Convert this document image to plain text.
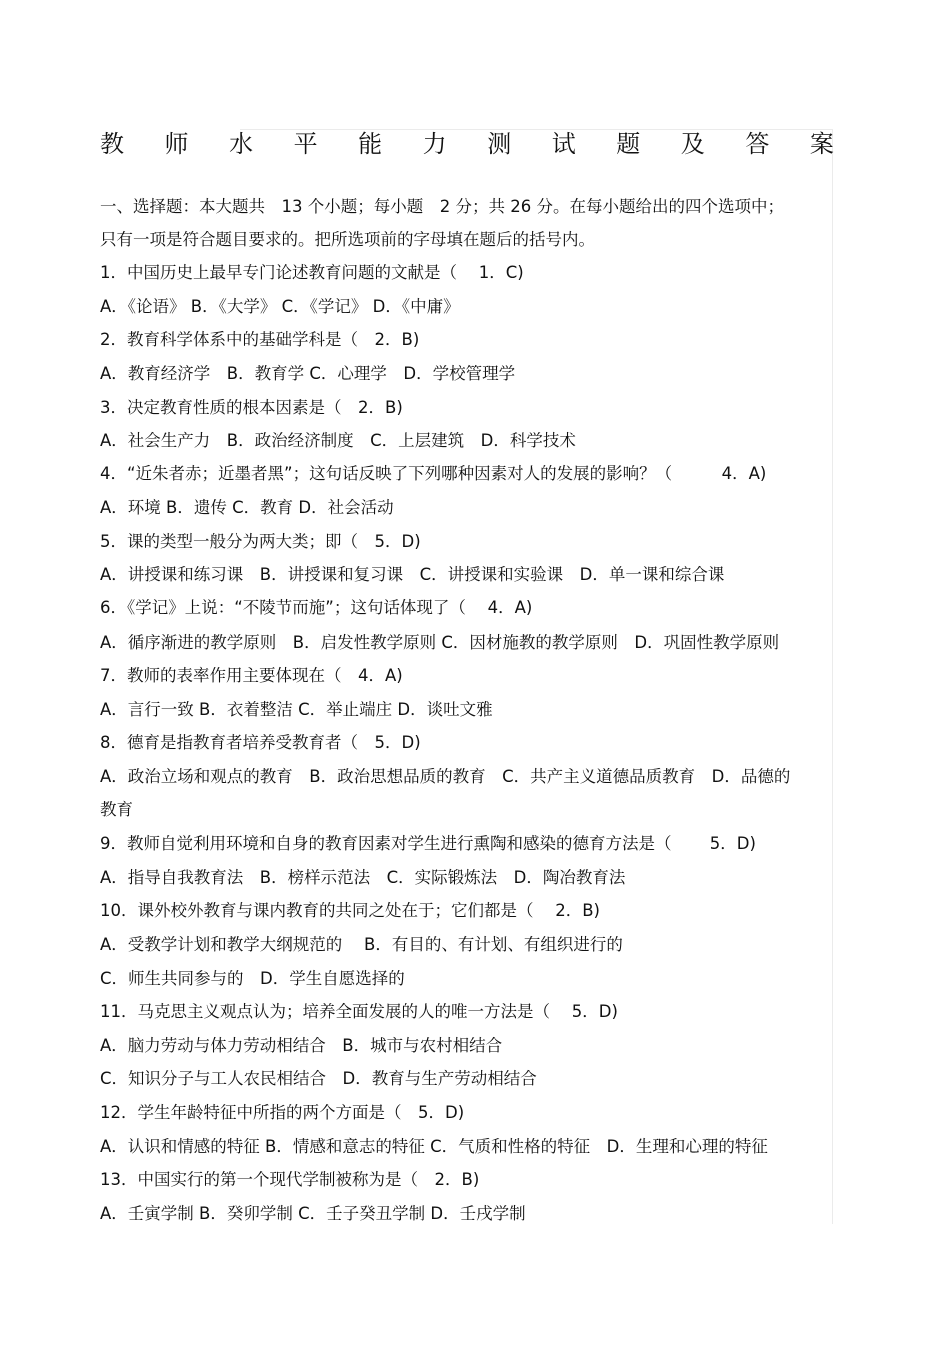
教 师 水 平 能 力 测 试 题 及 答 案
一、选择题：本大题共　13 个小题；每小题　2 分；共 26 分。在每小题给出的四个选项中；
只有一项是符合题目要求的。把所选项前的字母填在题后的括号内。
1．中国历史上最早专门论述教育问题的文献是（　 1．C)
A．《论语》 B．《大学》 C．《学记》 D．《中庸》
2．教育科学体系中的基础学科是（　2．B)
A．教育经济学　B．教育学 C．心理学　D．学校管理学
3．决定教育性质的根本因素是（　2．B)
A．社会生产力　B．政治经济制度　C．上层建筑　D．科学技术
4．“近朱者赤；近墨者黑”；这句话反映了下列哪种因素对人的发展的影响？（　　　4．A)
A．环境 B．遗传 C．教育 D．社会活动
5．课的类型一般分为两大类；即（　5．D)
A．讲授课和练习课　B．讲授课和复习课　C．讲授课和实验课　D．单一课和综合课
6．《学记》上说：“不陵节而施”；这句话体现了（　 4．A)
A．循序渐进的教学原则　B．启发性教学原则 C．因材施教的教学原则　D．巩固性教学原则
7．教师的表率作用主要体现在（　4．A)
A．言行一致 B．衣着整洁 C．举止端庄 D．谈吐文雅
8．德育是指教育者培养受教育者（　5．D)
A．政治立场和观点的教育　B．政治思想品质的教育　C．共产主义道德品质教育　D．品德的
教育
9．教师自觉利用环境和自身的教育因素对学生进行熏陶和感染的德育方法是（　　 5．D)
A．指导自我教育法　B．榜样示范法　C．实际锻炼法　D．陶冶教育法
10．课外校外教育与课内教育的共同之处在于；它们都是（　 2．B)
A．受教学计划和教学大纲规范的　 B．有目的、有计划、有组织进行的
C．师生共同参与的　D．学生自愿选择的
11．马克思主义观点认为；培养全面发展的人的唯一方法是（　 5．D)
A．脑力劳动与体力劳动相结合　B．城市与农村相结合
C．知识分子与工人农民相结合　D．教育与生产劳动相结合
12．学生年龄特征中所指的两个方面是（　5．D)
A．认识和情感的特征 B．情感和意志的特征 C．气质和性格的特征　D．生理和心理的特征
13．中国实行的第一个现代学制被称为是（　2．B)
A．壬寅学制 B．癸卯学制 C．壬子癸丑学制 D．壬戌学制
